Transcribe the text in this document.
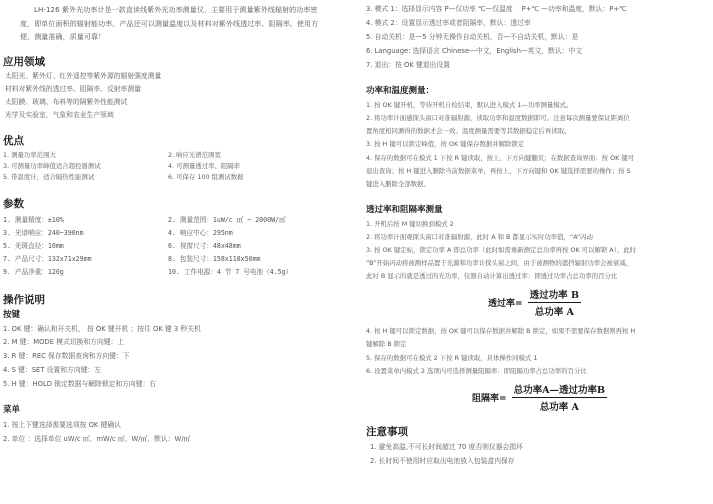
LH-126 紫外光功率计是一款直读线紫外光功率测量仪，主要用于测量紫外线辐射的功率密
度，即单位面积的辐射能功率。产品还可以测量温度以及材料对紫外线透过率、阻隔率。使用方
便、测量准确，质量可靠！
应用领域
太阳光、紫外灯、红外遥控等紫外源的辐射强度测量
材料对紫外线的透过率、阻隔率、反射率测量
太阳膜、玻璃、布料等的隔紫外性能测试
光学及实验室，气象和农业生产领域
优点
1. 测量功率范围大	2. 响应光谱范围宽
3. 可测量功率峰值适合超控器测试	4. 可测量透过率、阻隔率
5. 带温度计，适合隔热性能测试	6. 可保存 100 组测试数据
参数
1. 测量精度：±10%	2. 测量范围：1uW/c ㎡ ~ 2000W/㎡
3. 光谱响应：240~390nm	4. 响应中心：295nm
5. 光斑直径：10mm	6. 视窗尺寸：48x48mm
7. 产品尺寸：132x71x29mm	8. 包装尺寸：158x118x50mm
9. 产品净重：120g	10. 工作电源：4 节 7 号电池（4.5g）
操作说明
按键
1. OK 键：确认和开关机， 按 OK 键开机 ；按住 OK 键 3 秒关机
2. M 键：MODE 模式切换和方向键：上
3. R 键：REC 保存数据查询和方向键：下
4. S 键：SET 设置和方向键：左
5. H 键：HOLD 锁定数据与解除锁定和方向键：右
菜单
1. 按上下键选择需要选项按 OK 键确认
2. 单位 ：选择单位 uW/c ㎡、mW/c ㎡、W/㎡，默认：W/㎡
3. 模式 1：选择显示内容 P—仅功率 ℃—仅温度 　P+℃ —功率和温度，默认：P+℃
4. 模式 2：设置显示透过率或者阻隔率，默认：透过率
5. 自动关机：是—5 分钟无操作自动关机，否—不自动关机，默认：是
6. Language: 选择语言 Chinese—中文，English—英文，默认：中文
7. 退出：按 OK 键退出设置
功率和温度测量：
1. 按 OK 键开机，等待开机自检结束，默认进入模式 1—功率测量模式。
2. 将功率计面感探头窗口对准辐射源，读取功率和温度数据即可。注意每次测量要保证距离位
置角度相同测得的数据才会一致。温度测量需要等其数据稳定后再读取。
3. 按 H 键可以锁定峰值，按 OK 键保存数据并解除锁定
4. 保存的数据可在模式 1 下按 R 键读取，按上、下方向键翻页；在数据查询界面：按 OK 键可
退出查询；按 H 键进入删除当前数据菜单，再按上、下方向键和 OK 键选择需要的操作；按 S
键进入删除全部数据。
透过率和阻隔率测量
1. 开机后按 M 键切换到模式 2
2. 将功率计面观探头窗口对准辐射源，此时 A 和 B 都显示实时功率值，“A”闪动
3. 按 OK 键定标，锁定功率 A 即总功率（此时如需重新测定总功率再按 OK 可以解锁 A），此时
“B”开始闪动将被测样品置于光源和功率计探头窗之间，由于被测物的遮挡辐射功率会被衰减，
此时 B 显示的就是透过的光功率，仪器自动计算出透过率：即透过功率占总功率的百分比
透过率= $\frac{\text{透过功率 B}}{\text{总功率 A}}$
4. 按 H 键可以锁定数据，按 OK 键可以保存数据并解除 B 锁定，如果不需要保存数据则再按 H
键解除 B 锁定
5. 保存的数据可在模式 2 下按 R 键读取，具体操作同模式 1
6. 设置菜单内模式 2 选项内可选择测量阻隔率：即阻隔功率占总功率的百分比
阻隔率= $\frac{\text{总功率A—透过功率B}}{\text{总功率 A}}$
注意事项
1. 避免高温,不可长时间超过 70 度否则仪器会损坏
2. 长时间不使用时应取出电池放入包装盒内保存
